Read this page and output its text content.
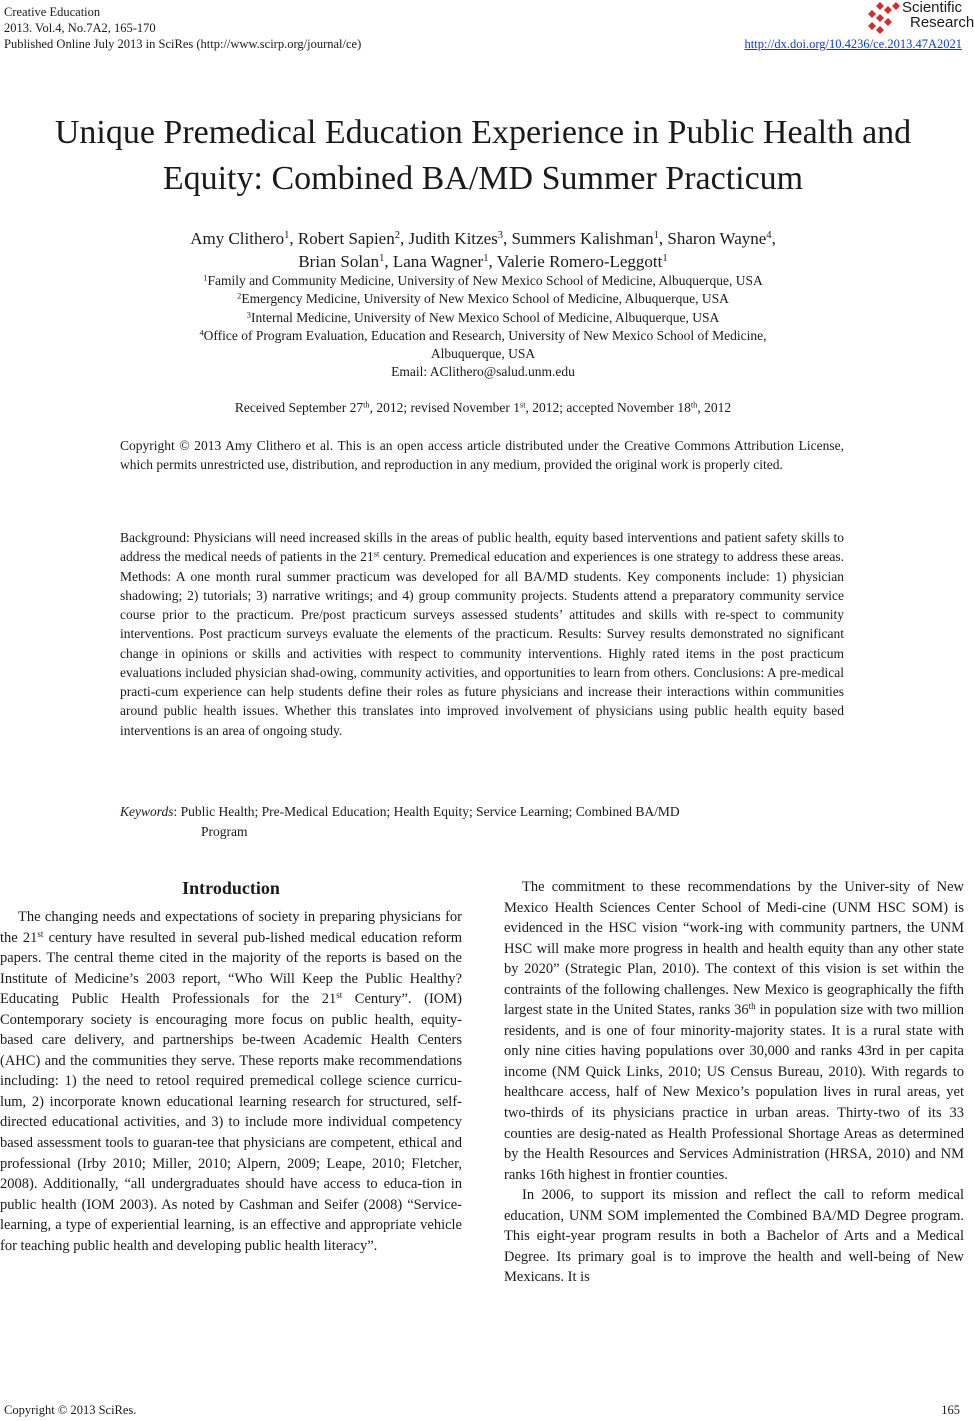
Creative Education
2013. Vol.4, No.7A2, 165-170
Published Online July 2013 in SciRes (http://www.scirp.org/journal/ce)
Scientific
Research
http://dx.doi.org/10.4236/ce.2013.47A2021
Unique Premedical Education Experience in Public Health and
Equity: Combined BA/MD Summer Practicum
Amy Clithero$^1$, Robert Sapien$^2$, Judith Kitzes$^3$, Summers Kalishman$^1$, Sharon Wayne$^4$,
Brian Solan$^1$, Lana Wagner$^1$, Valerie Romero-Leggott$^1$
$^1$Family and Community Medicine, University of New Mexico School of Medicine, Albuquerque, USA
$^2$Emergency Medicine, University of New Mexico School of Medicine, Albuquerque, USA
$^3$Internal Medicine, University of New Mexico School of Medicine, Albuquerque, USA
$^4$Office of Program Evaluation, Education and Research, University of New Mexico School of Medicine,
Albuquerque, USA
Email: AClithero@salud.unm.edu
Received September 27th, 2012; revised November 1st, 2012; accepted November 18th, 2012
Copyright © 2013 Amy Clithero et al. This is an open access article distributed under the Creative Commons Attribution License, which permits unrestricted use, distribution, and reproduction in any medium, provided the original work is properly cited.
Background: Physicians will need increased skills in the areas of public health, equity based interventions and patient safety skills to address the medical needs of patients in the 21st century. Premedical education and experiences is one strategy to address these areas. Methods: A one month rural summer practicum was developed for all BA/MD students. Key components include: 1) physician shadowing; 2) tutorials; 3) narrative writings; and 4) group community projects. Students attend a preparatory community service course prior to the practicum. Pre/post practicum surveys assessed students’ attitudes and skills with re-spect to community interventions. Post practicum surveys evaluate the elements of the practicum. Results: Survey results demonstrated no significant change in opinions or skills and activities with respect to community interventions. Highly rated items in the post practicum evaluations included physician shad-owing, community activities, and opportunities to learn from others. Conclusions: A pre-medical practi-cum experience can help students define their roles as future physicians and increase their interactions within communities around public health issues. Whether this translates into improved involvement of physicians using public health equity based interventions is an area of ongoing study.
Keywords: Public Health; Pre-Medical Education; Health Equity; Service Learning; Combined BA/MD
Program
Introduction

The changing needs and expectations of society in preparing physicians for the 21st century have resulted in several pub-lished medical education reform papers. The central theme cited in the majority of the reports is based on the Institute of Medicine’s 2003 report, “Who Will Keep the Public Healthy? Educating Public Health Professionals for the 21st Century”. (IOM) Contemporary society is encouraging more focus on public health, equity-based care delivery, and partnerships be-tween Academic Health Centers (AHC) and the communities they serve. These reports make recommendations including: 1) the need to retool required premedical college science curricu-lum, 2) incorporate known educational learning research for structured, self-directed educational activities, and 3) to include more individual competency based assessment tools to guaran-tee that physicians are competent, ethical and professional (Irby 2010; Miller, 2010; Alpern, 2009; Leape, 2010; Fletcher, 2008). Additionally, “all undergraduates should have access to educa-tion in public health (IOM 2003). As noted by Cashman and Seifer (2008) “Service-learning, a type of experiential learning, is an effective and appropriate vehicle for teaching public health and developing public health literacy”.

The commitment to these recommendations by the Univer-sity of New Mexico Health Sciences Center School of Medi-cine (UNM HSC SOM) is evidenced in the HSC vision “work-ing with community partners, the UNM HSC will make more progress in health and health equity than any other state by 2020” (Strategic Plan, 2010). The context of this vision is set within the contraints of the following challenges. New Mexico is geographically the fifth largest state in the United States, ranks 36th in population size with two million residents, and is one of four minority-majority states. It is a rural state with only nine cities having populations over 30,000 and ranks 43rd in per capita income (NM Quick Links, 2010; US Census Bureau, 2010). With regards to healthcare access, half of New Mexico’s population lives in rural areas, yet two-thirds of its physicians practice in urban areas. Thirty-two of its 33 counties are desig-nated as Health Professional Shortage Areas as determined by the Health Resources and Services Administration (HRSA, 2010) and NM ranks 16th highest in frontier counties.

In 2006, to support its mission and reflect the call to reform medical education, UNM SOM implemented the Combined BA/MD Degree program. This eight-year program results in both a Bachelor of Arts and a Medical Degree. Its primary goal is to improve the health and well-being of New Mexicans. It is

Copyright © 2013 SciRes.	165
